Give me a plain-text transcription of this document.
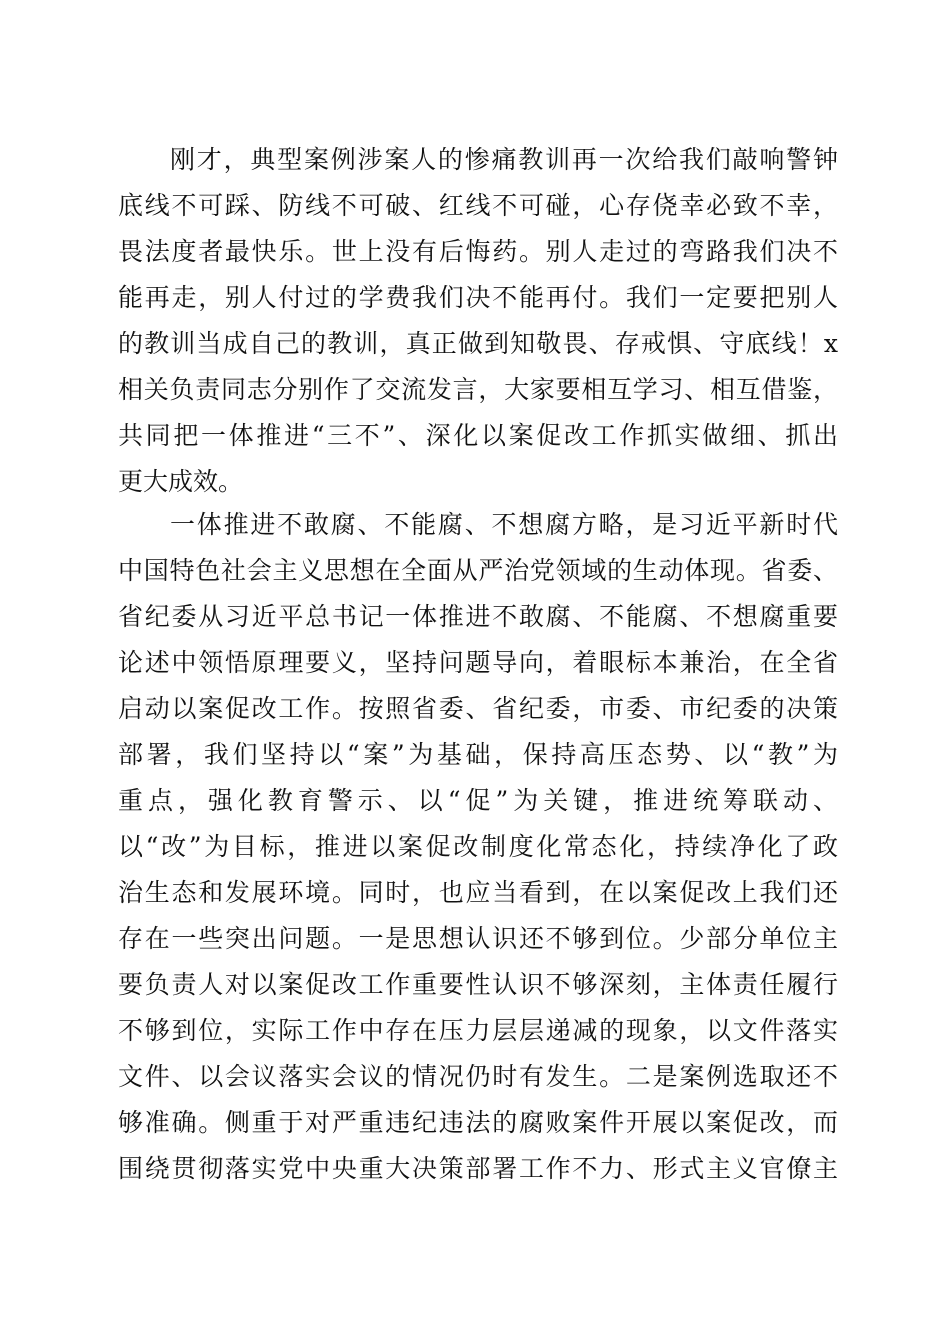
刚才，典型案例涉案人的惨痛教训再一次给我们敲响警钟
底线不可踩、防线不可破、红线不可碰，心存侥幸必致不幸，
畏法度者最快乐。世上没有后悔药。别人走过的弯路我们决不
能再走，别人付过的学费我们决不能再付。我们一定要把别人
的教训当成自己的教训，真正做到知敬畏、存戒惧、守底线！x
相关负责同志分别作了交流发言，大家要相互学习、相互借鉴，
共同把一体推进“三不”、深化以案促改工作抓实做细、抓出
更大成效。
一体推进不敢腐、不能腐、不想腐方略，是习近平新时代
中国特色社会主义思想在全面从严治党领域的生动体现。省委、
省纪委从习近平总书记一体推进不敢腐、不能腐、不想腐重要
论述中领悟原理要义，坚持问题导向，着眼标本兼治，在全省
启动以案促改工作。按照省委、省纪委，市委、市纪委的决策
部署，我们坚持以“案”为基础，保持高压态势、以“教”为
重点，强化教育警示、以“促”为关键，推进统筹联动、
以“改”为目标，推进以案促改制度化常态化，持续净化了政
治生态和发展环境。同时，也应当看到，在以案促改上我们还
存在一些突出问题。一是思想认识还不够到位。少部分单位主
要负责人对以案促改工作重要性认识不够深刻，主体责任履行
不够到位，实际工作中存在压力层层递减的现象，以文件落实
文件、以会议落实会议的情况仍时有发生。二是案例选取还不
够准确。侧重于对严重违纪违法的腐败案件开展以案促改，而
围绕贯彻落实党中央重大决策部署工作不力、形式主义官僚主
